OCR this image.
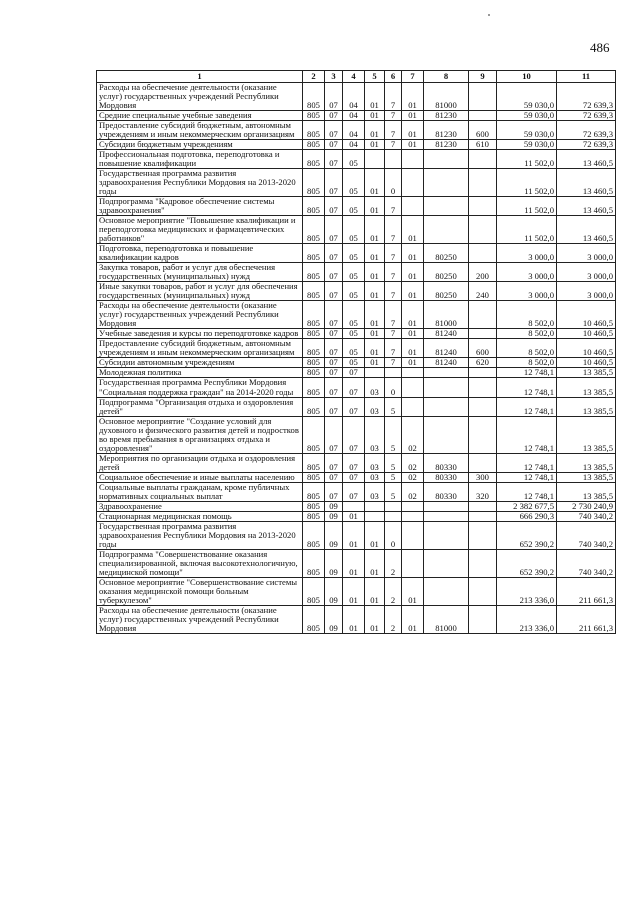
486
1	2	3	4	5	6	7	8	9	10	11
Расходы на обеспечение деятельности (оказание услуг) государственных учреждений Республики Мордовия	805	07	04	01	7	01	81000		59 030,0	72 639,3
Средние специальные учебные заведения	805	07	04	01	7	01	81230		59 030,0	72 639,3
Предоставление субсидий бюджетным, автономным учреждениям и иным некоммерческим организациям	805	07	04	01	7	01	81230	600	59 030,0	72 639,3
Субсидии бюджетным учреждениям	805	07	04	01	7	01	81230	610	59 030,0	72 639,3
Профессиональная подготовка, переподготовка и повышение квалификации	805	07	05						11 502,0	13 460,5
Государственная программа развития здравоохранения Республики Мордовия на 2013-2020 годы	805	07	05	01	0				11 502,0	13 460,5
Подпрограмма "Кадровое обеспечение системы здравоохранения"	805	07	05	01	7				11 502,0	13 460,5
Основное мероприятие "Повышение квалификации и переподготовка медицинских и фармацевтических работников"	805	07	05	01	7	01			11 502,0	13 460,5
Подготовка, переподготовка и повышение квалификации кадров	805	07	05	01	7	01	80250		3 000,0	3 000,0
Закупка товаров, работ и услуг для обеспечения государственных (муниципальных) нужд	805	07	05	01	7	01	80250	200	3 000,0	3 000,0
Иные закупки товаров, работ и услуг для обеспечения государственных (муниципальных) нужд	805	07	05	01	7	01	80250	240	3 000,0	3 000,0
Расходы на обеспечение деятельности (оказание услуг) государственных учреждений Республики Мордовия	805	07	05	01	7	01	81000		8 502,0	10 460,5
Учебные заведения и курсы по переподготовке кадров	805	07	05	01	7	01	81240		8 502,0	10 460,5
Предоставление субсидий бюджетным, автономным учреждениям и иным некоммерческим организациям	805	07	05	01	7	01	81240	600	8 502,0	10 460,5
Субсидии автономным учреждениям	805	07	05	01	7	01	81240	620	8 502,0	10 460,5
Молодежная политика	805	07	07						12 748,1	13 385,5
Государственная программа Республики Мордовия "Социальная поддержка граждан" на 2014-2020 годы	805	07	07	03	0				12 748,1	13 385,5
Подпрограмма "Организация отдыха и оздоровления детей"	805	07	07	03	5				12 748,1	13 385,5
Основное мероприятие "Создание условий для духовного и физического развития детей и подростков во время пребывания в организациях отдыха и оздоровления"	805	07	07	03	5	02			12 748,1	13 385,5
Мероприятия по организации отдыха и оздоровления детей	805	07	07	03	5	02	80330		12 748,1	13 385,5
Социальное обеспечение и иные выплаты населению	805	07	07	03	5	02	80330	300	12 748,1	13 385,5
Социальные выплаты гражданам, кроме публичных нормативных социальных выплат	805	07	07	03	5	02	80330	320	12 748,1	13 385,5
Здравоохранение	805	09							2 382 677,5	2 730 240,9
Стационарная медицинская помощь	805	09	01						666 290,3	740 340,2
Государственная программа развития здравоохранения Республики Мордовия на 2013-2020 годы	805	09	01	01	0				652 390,2	740 340,2
Подпрограмма "Совершенствование оказания специализированной, включая высокотехнологичную, медицинской помощи"	805	09	01	01	2				652 390,2	740 340,2
Основное мероприятие "Совершенствование системы оказания медицинской помощи больным туберкулезом"	805	09	01	01	2	01			213 336,0	211 661,3
Расходы на обеспечение деятельности (оказание услуг) государственных учреждений Республики Мордовия	805	09	01	01	2	01	81000		213 336,0	211 661,3
